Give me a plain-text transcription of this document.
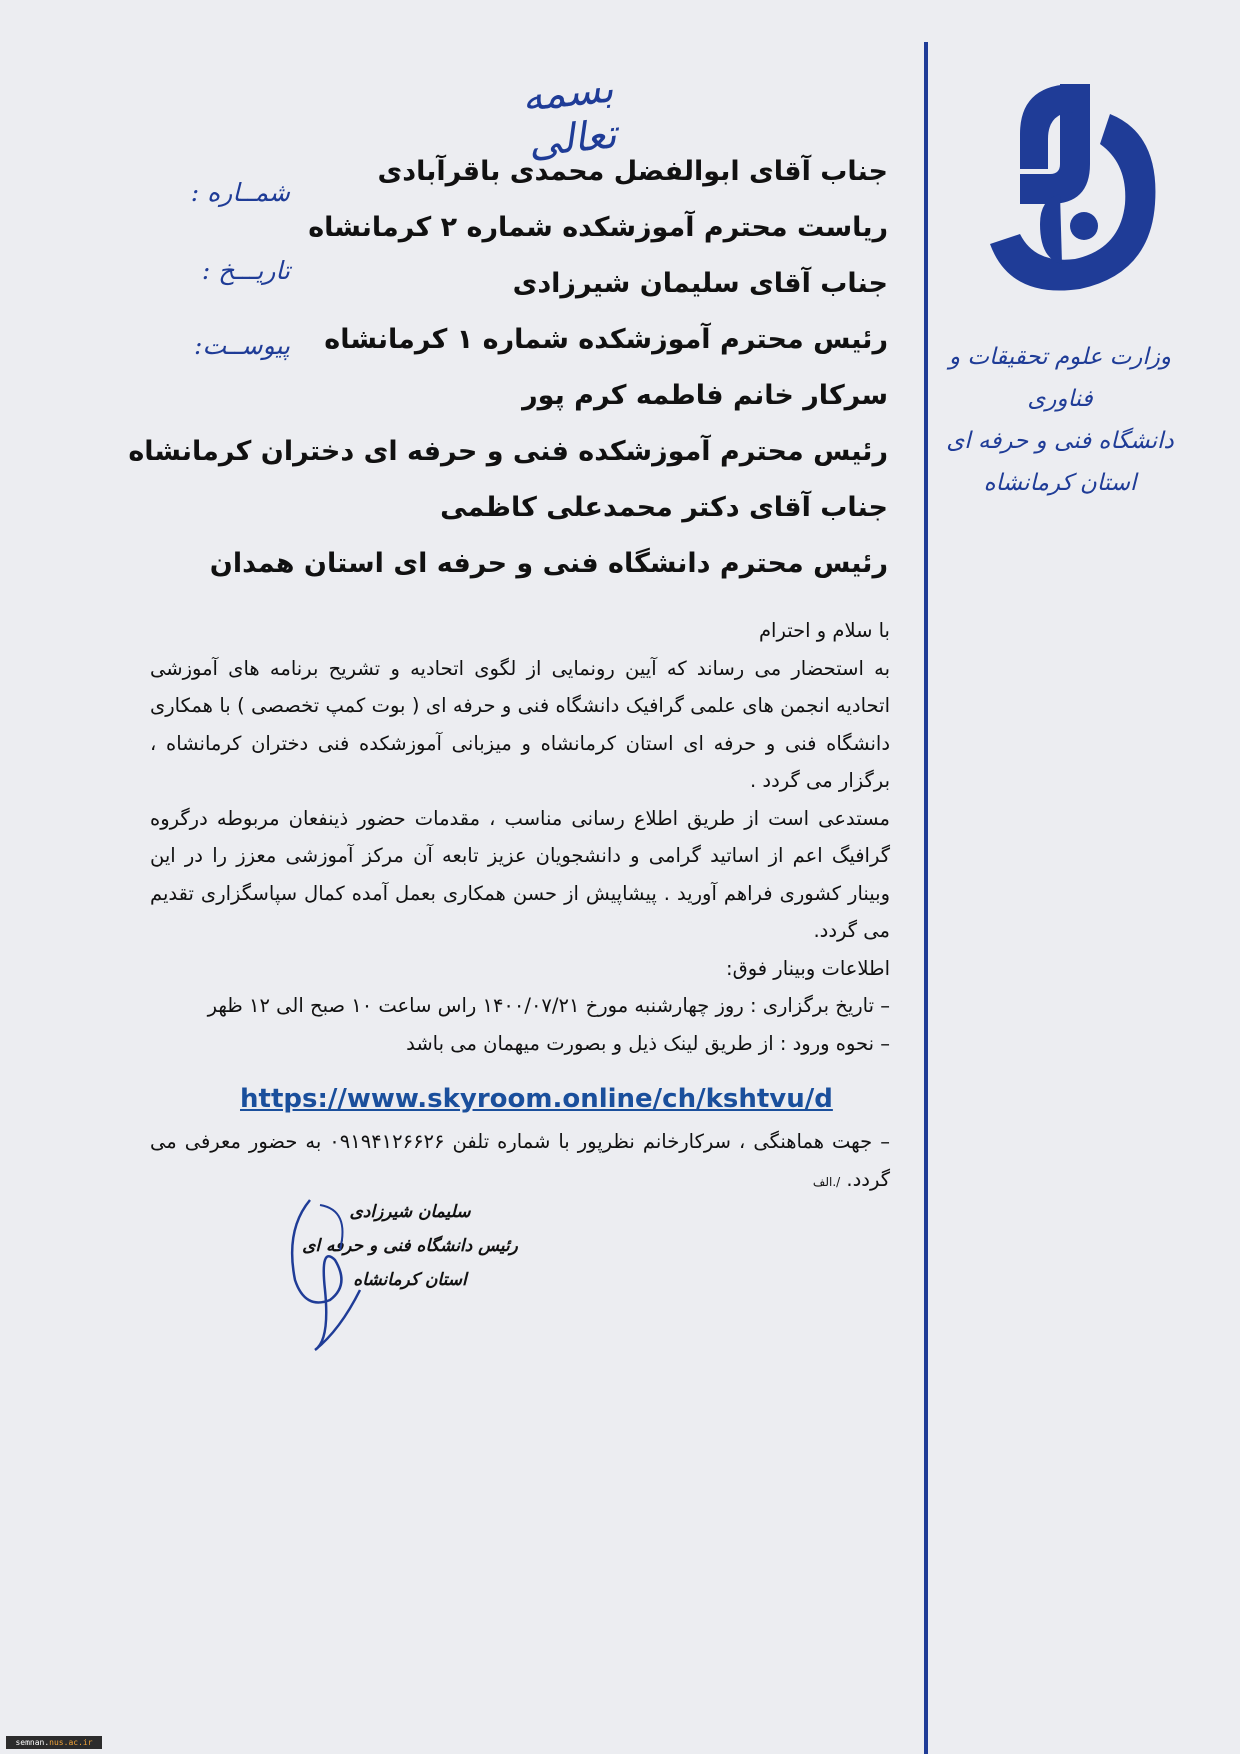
وزارت علوم تحقیقات و فناوری
دانشگاه فنی و حرفه ای استان کرمانشاه
بسمه تعالی
شمــاره :
تاریـــخ :
پیوســت:
جناب آقای ابوالفضل محمدی باقرآبادی
ریاست محترم آموزشکده شماره ۲ کرمانشاه
جناب آقای سلیمان شیرزادی
رئیس محترم آموزشکده شماره ۱ کرمانشاه
سرکار خانم فاطمه کرم پور
رئیس محترم آموزشکده فنی و حرفه ای دختران کرمانشاه
جناب آقای دکتر محمدعلی کاظمی
رئیس محترم دانشگاه فنی و حرفه ای استان همدان

با سلام و احترام

به استحضار می رساند که آیین رونمایی از لگوی اتحادیه و تشریح برنامه های آموزشی اتحادیه انجمن های علمی گرافیک دانشگاه فنی و حرفه ای ( بوت کمپ تخصصی ) با همکاری دانشگاه فنی و حرفه ای استان کرمانشاه و میزبانی آموزشکده فنی دختران کرمانشاه ، برگزار می گردد .

مستدعی است از طریق اطلاع رسانی مناسب ، مقدمات حضور ذینفعان مربوطه درگروه گرافیگ اعم از اساتید گرامی و دانشجویان عزیز تابعه آن مرکز آموزشی معزز را در این وبینار کشوری فراهم آورید . پیشاپیش از حسن همکاری بعمل آمده کمال سپاسگزاری تقدیم می گردد.

اطلاعات وبینار فوق:

– تاریخ برگزاری : روز چهارشنبه مورخ ۱۴۰۰/۰۷/۲۱ راس ساعت ۱۰ صبح الی ۱۲ ظهر

– نحوه ورود : از طریق لینک ذیل و بصورت میهمان می باشد

https://www.skyroom.online/ch/kshtvu/d

– جهت هماهنگی ، سرکارخانم نظرپور با شماره تلفن ۰۹۱۹۴۱۲۶۶۲۶ به حضور معرفی می گردد. /.الف

سلیمان شیرزادی
رئیس دانشگاه فنی و حرفه ای
استان کرمانشاه
semnan.nus.ac.ir
